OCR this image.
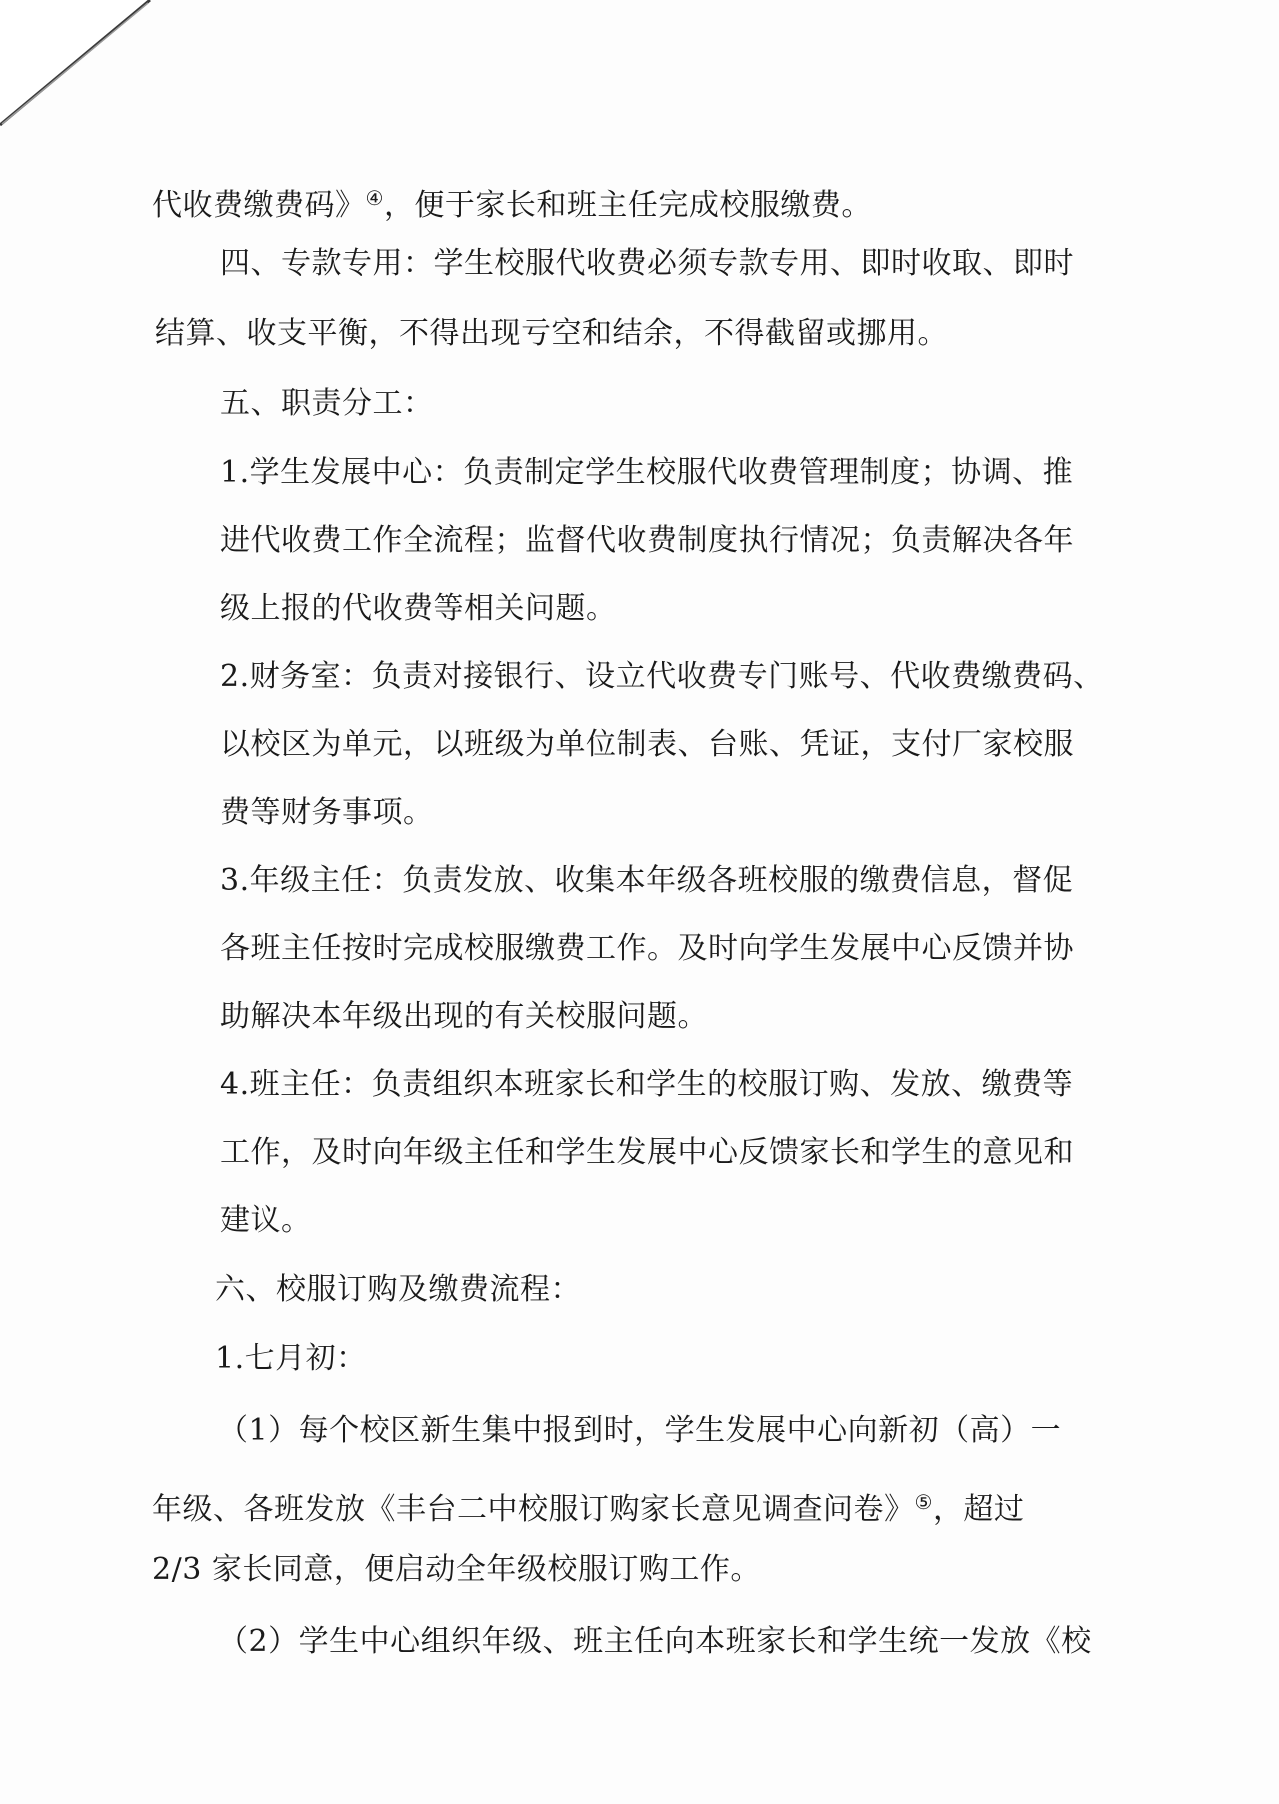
代收费缴费码》④，便于家长和班主任完成校服缴费。
四、专款专用：学生校服代收费必须专款专用、即时收取、即时
结算、收支平衡，不得出现亏空和结余，不得截留或挪用。
五、职责分工：
1.学生发展中心：负责制定学生校服代收费管理制度；协调、推
进代收费工作全流程；监督代收费制度执行情况；负责解决各年
级上报的代收费等相关问题。
2.财务室：负责对接银行、设立代收费专门账号、代收费缴费码、
以校区为单元，以班级为单位制表、台账、凭证，支付厂家校服
费等财务事项。
3.年级主任：负责发放、收集本年级各班校服的缴费信息，督促
各班主任按时完成校服缴费工作。及时向学生发展中心反馈并协
助解决本年级出现的有关校服问题。
4.班主任：负责组织本班家长和学生的校服订购、发放、缴费等
工作，及时向年级主任和学生发展中心反馈家长和学生的意见和
建议。
六、校服订购及缴费流程：
1.七月初：
（1）每个校区新生集中报到时，学生发展中心向新初（高）一
年级、各班发放《丰台二中校服订购家长意见调查问卷》⑤，超过
2/3 家长同意，便启动全年级校服订购工作。
（2）学生中心组织年级、班主任向本班家长和学生统一发放《校
